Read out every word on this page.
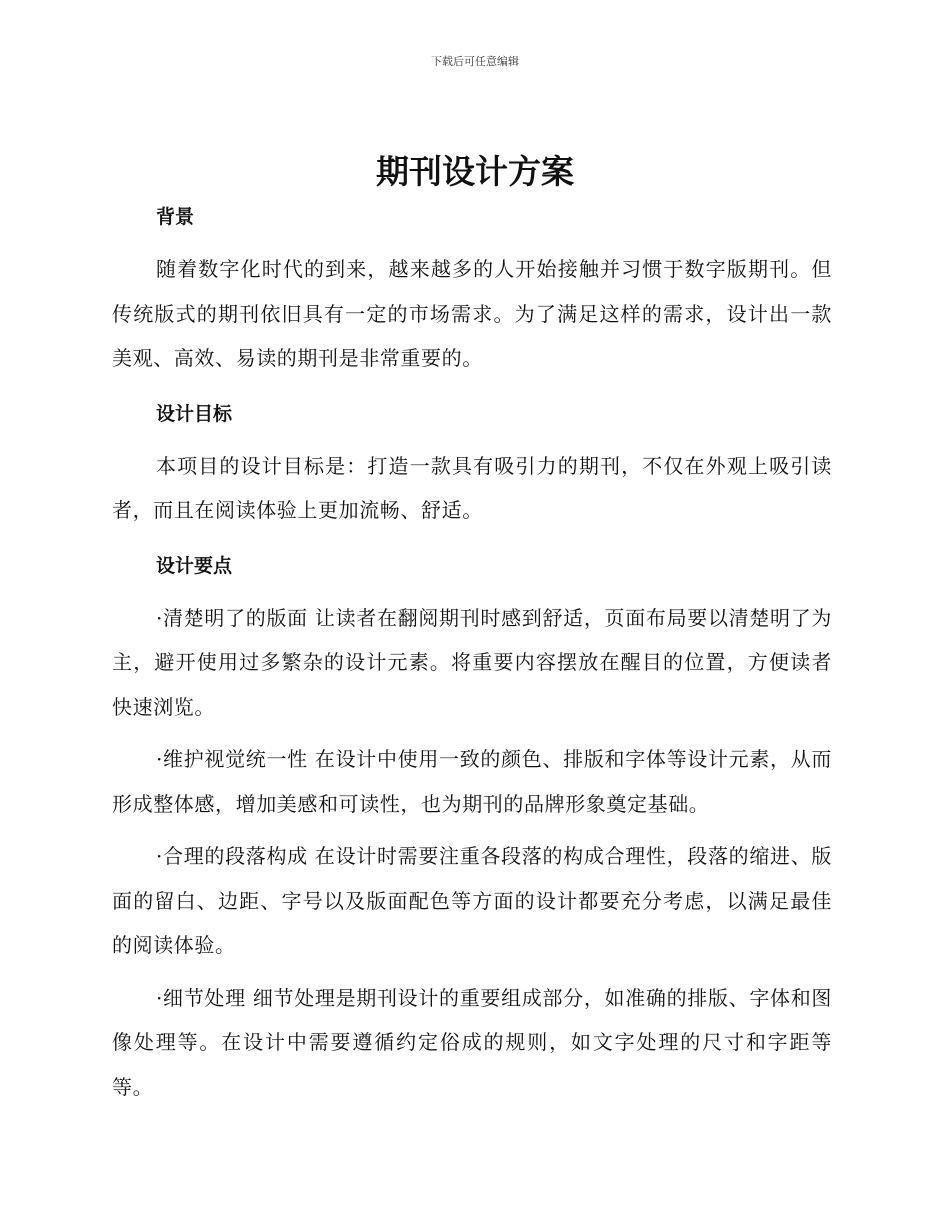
下载后可任意编辑
期刊设计方案
背景

随着数字化时代的到来，越来越多的人开始接触并习惯于数字版期刊。但传统版式的期刊依旧具有一定的市场需求。为了满足这样的需求，设计出一款美观、高效、易读的期刊是非常重要的。

设计目标

本项目的设计目标是：打造一款具有吸引力的期刊，不仅在外观上吸引读者，而且在阅读体验上更加流畅、舒适。

设计要点

·清楚明了的版面 让读者在翻阅期刊时感到舒适，页面布局要以清楚明了为主，避开使用过多繁杂的设计元素。将重要内容摆放在醒目的位置，方便读者快速浏览。

·维护视觉统一性 在设计中使用一致的颜色、排版和字体等设计元素，从而形成整体感，增加美感和可读性，也为期刊的品牌形象奠定基础。

·合理的段落构成 在设计时需要注重各段落的构成合理性，段落的缩进、版面的留白、边距、字号以及版面配色等方面的设计都要充分考虑，以满足最佳的阅读体验。

·细节处理 细节处理是期刊设计的重要组成部分，如准确的排版、字体和图像处理等。在设计中需要遵循约定俗成的规则，如文字处理的尺寸和字距等等。
